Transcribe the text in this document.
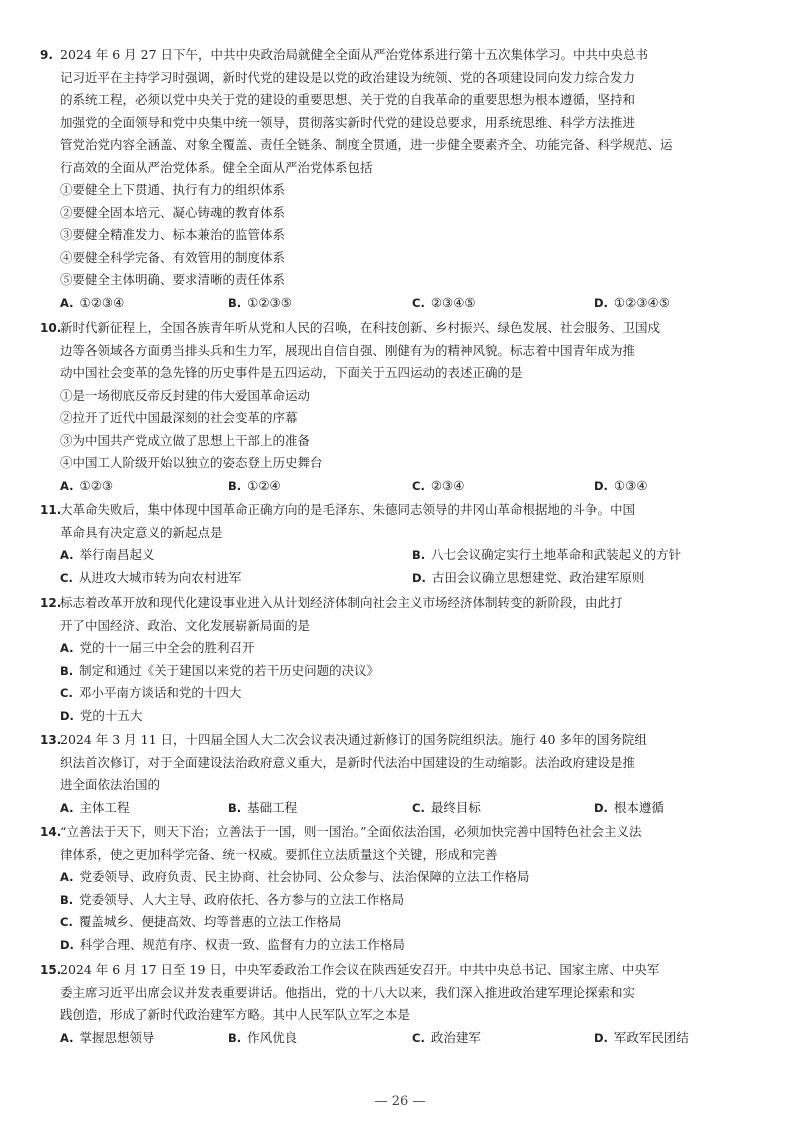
9. 2024 年 6 月 27 日下午，中共中央政治局就健全全面从严治党体系进行第十五次集体学习。中共中央总书
记习近平在主持学习时强调，新时代党的建设是以党的政治建设为统领、党的各项建设同向发力综合发力
的系统工程，必须以党中央关于党的建设的重要思想、关于党的自我革命的重要思想为根本遵循，坚持和
加强党的全面领导和党中央集中统一领导，贯彻落实新时代党的建设总要求，用系统思维、科学方法推进
管党治党内容全涵盖、对象全覆盖、责任全链条、制度全贯通，进一步健全要素齐全、功能完备、科学规范、运
行高效的全面从严治党体系。健全全面从严治党体系包括
①要健全上下贯通、执行有力的组织体系
②要健全固本培元、凝心铸魂的教育体系
③要健全精准发力、标本兼治的监管体系
④要健全科学完备、有效管用的制度体系
⑤要健全主体明确、要求清晰的责任体系
A. ①②③④	B. ①②③⑤	C. ②③④⑤	D. ①②③④⑤
10.新时代新征程上，全国各族青年听从党和人民的召唤，在科技创新、乡村振兴、绿色发展、社会服务、卫国戍
边等各领域各方面勇当排头兵和生力军，展现出自信自强、刚健有为的精神风貌。标志着中国青年成为推
动中国社会变革的急先锋的历史事件是五四运动，下面关于五四运动的表述正确的是
①是一场彻底反帝反封建的伟大爱国革命运动
②拉开了近代中国最深刻的社会变革的序幕
③为中国共产党成立做了思想上干部上的准备
④中国工人阶级开始以独立的姿态登上历史舞台
A. ①②③	B. ①②④	C. ②③④	D. ①③④
11.大革命失败后，集中体现中国革命正确方向的是毛泽东、朱德同志领导的井冈山革命根据地的斗争。中国
革命具有决定意义的新起点是
A. 举行南昌起义	B. 八七会议确定实行土地革命和武装起义的方针
C. 从进攻大城市转为向农村进军	D. 古田会议确立思想建党、政治建军原则
12.标志着改革开放和现代化建设事业进入从计划经济体制向社会主义市场经济体制转变的新阶段，由此打
开了中国经济、政治、文化发展崭新局面的是
A. 党的十一届三中全会的胜利召开
B. 制定和通过《关于建国以来党的若干历史问题的决议》
C. 邓小平南方谈话和党的十四大
D. 党的十五大
13.2024 年 3 月 11 日，十四届全国人大二次会议表决通过新修订的国务院组织法。施行 40 多年的国务院组
织法首次修订，对于全面建设法治政府意义重大，是新时代法治中国建设的生动缩影。法治政府建设是推
进全面依法治国的
A. 主体工程	B. 基础工程	C. 最终目标	D. 根本遵循
14.“立善法于天下，则天下治；立善法于一国，则一国治。”全面依法治国，必须加快完善中国特色社会主义法
律体系，使之更加科学完备、统一权威。要抓住立法质量这个关键，形成和完善
A. 党委领导、政府负责、民主协商、社会协同、公众参与、法治保障的立法工作格局
B. 党委领导、人大主导、政府依托、各方参与的立法工作格局
C. 覆盖城乡、便捷高效、均等普惠的立法工作格局
D. 科学合理、规范有序、权责一致、监督有力的立法工作格局
15.2024 年 6 月 17 日至 19 日，中央军委政治工作会议在陕西延安召开。中共中央总书记、国家主席、中央军
委主席习近平出席会议并发表重要讲话。他指出，党的十八大以来，我们深入推进政治建军理论探索和实
践创造，形成了新时代政治建军方略。其中人民军队立军之本是
A. 掌握思想领导	B. 作风优良	C. 政治建军	D. 军政军民团结
— 26 —
